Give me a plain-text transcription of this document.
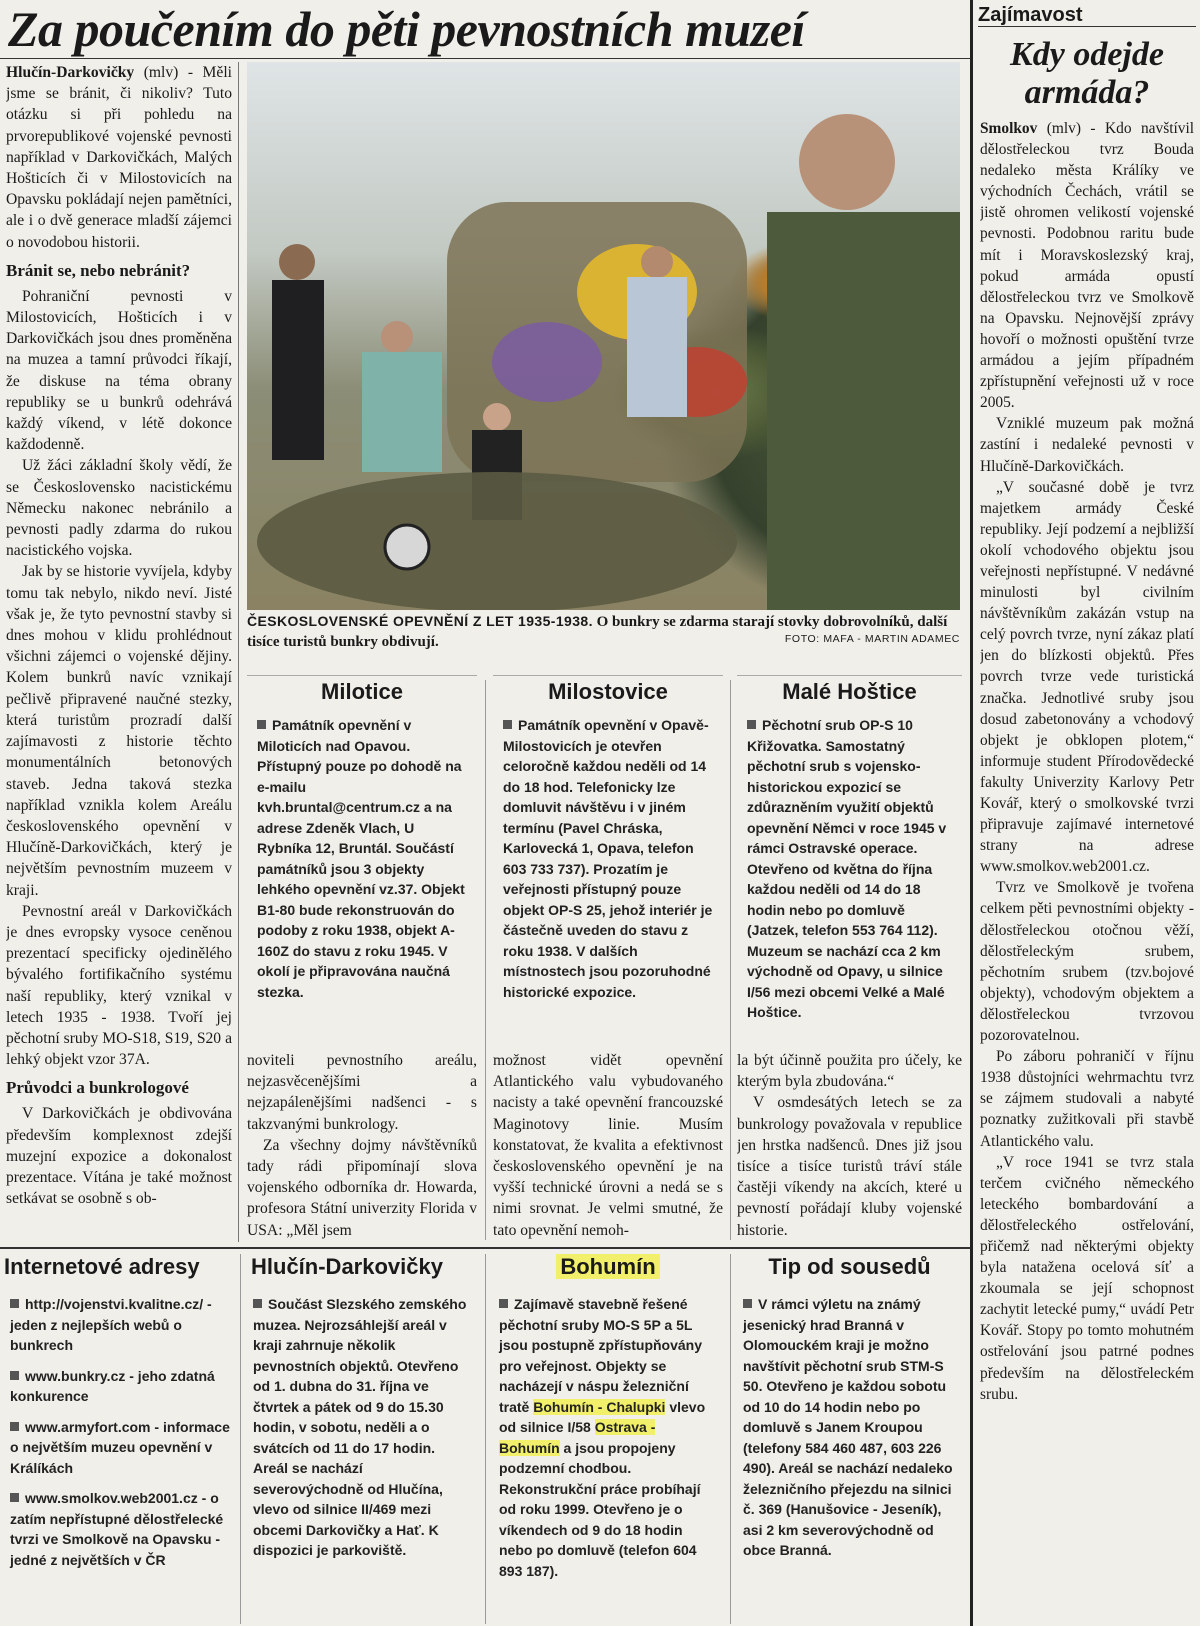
Za poučením do pěti pevnostních muzeí

Hlučín-Darkovičky (mlv) - Měli jsme se bránit, či nikoliv? Tuto otázku si při pohledu na prvorepublikové vojenské pevnosti například v Darkovičkách, Malých Hošticích či v Milostovicích na Opavsku pokládají nejen pamětníci, ale i o dvě generace mladší zájemci o novodobou historii.

Bránit se, nebo nebránit?

Pohraniční pevnosti v Milostovicích, Hošticích i v Darkovičkách jsou dnes proměněna na muzea a tamní průvodci říkají, že diskuse na téma obrany republiky se u bunkrů odehrává každý víkend, v létě dokonce každodenně.

Už žáci základní školy vědí, že se Československo nacistickému Německu nakonec nebránilo a pevnosti padly zdarma do rukou nacistického vojska.

Jak by se historie vyvíjela, kdyby tomu tak nebylo, nikdo neví. Jisté však je, že tyto pevnostní stavby si dnes mohou v klidu prohlédnout všichni zájemci o vojenské dějiny. Kolem bunkrů navíc vznikají pečlivě připravené naučné stezky, která turistům prozradí další zajímavosti z historie těchto monumentálních betonových staveb. Jedna taková stezka například vznikla kolem Areálu československého opevnění v Hlučíně-Darkovičkách, který je největším pevnostním muzeem v kraji.

Pevnostní areál v Darkovičkách je dnes evropsky vysoce ceněnou prezentací specificky ojedinělého bývalého fortifikačního systému naší republiky, který vznikal v letech 1935 - 1938. Tvoří jej pěchotní sruby MO-S18, S19, S20 a lehký objekt vzor 37A.

Průvodci a bunkrologové

V Darkovičkách je obdivována především komplexnost zdejší muzejní expozice a dokonalost prezentace. Vítána je také možnost setkávat se osobně s ob-

ČESKOSLOVENSKÉ OPEVNĚNÍ Z LET 1935-1938. O bunkry se zdarma starají stovky dobrovolníků, další tisíce turistů bunkry obdivují.	FOTO: MAFA - MARTIN ADAMEC
Milotice
Památník opevnění v Miloticích nad Opavou. Přístupný pouze po dohodě na e-mailu kvh.bruntal@centrum.cz a na adrese Zdeněk Vlach, U Rybníka 12, Bruntál. Součástí památníků jsou 3 objekty lehkého opevnění vz.37. Objekt B1-80 bude rekonstruován do podoby z roku 1938, objekt A-160Z do stavu z roku 1945. V okolí je připravována naučná stezka.
Milostovice
Památník opevnění v Opavě-Milostovicích je otevřen celoročně každou neděli od 14 do 18 hod. Telefonicky lze domluvit návštěvu i v jiném termínu (Pavel Chráska, Karlovecká 1, Opava, telefon 603 733 737). Prozatím je veřejnosti přístupný pouze objekt OP-S 25, jehož interiér je částečně uveden do stavu z roku 1938. V dalších místnostech jsou pozoruhodné historické expozice.
Malé Hoštice
Pěchotní srub OP-S 10 Křižovatka. Samostatný pěchotní srub s vojensko-historickou expozicí se zdůrazněním využití objektů opevnění Němci v roce 1945 v rámci Ostravské operace. Otevřeno od května do října každou neděli od 14 do 18 hodin nebo po domluvě (Jatzek, telefon 553 764 112). Muzeum se nachází cca 2 km východně od Opavy, u silnice I/56 mezi obcemi Velké a Malé Hoštice.

noviteli pevnostního areálu, nejzasvěcenějšími a nejzapálenějšími nadšenci - s takzvanými bunkrology.

Za všechny dojmy návštěvníků tady rádi připomínají slova vojenského odborníka dr. Howarda, profesora Státní univerzity Florida v USA: „Měl jsem

možnost vidět opevnění Atlantického valu vybudovaného nacisty a také opevnění francouzské Maginotovy linie. Musím konstatovat, že kvalita a efektivnost československého opevnění je na vyšší technické úrovni a nedá se s nimi srovnat. Je velmi smutné, že tato opevnění nemoh-

la být účinně použita pro účely, ke kterým byla zbudována.“

V osmdesátých letech se za bunkrology považovala v republice jen hrstka nadšenců. Dnes již jsou tisíce a tisíce turistů tráví stále častěji víkendy na akcích, které u pevností pořádají kluby vojenské historie.

Internetové adresy
http://vojenstvi.kvalitne.cz/ - jeden z nejlepších webů o bunkrech
www.bunkry.cz - jeho zdatná konkurence
www.armyfort.com - informace o největším muzeu opevnění v Králíkách
www.smolkov.web2001.cz - o zatím nepřístupné dělostřelecké tvrzi ve Smolkově na Opavsku - jedné z největších v ČR
Hlučín-Darkovičky
Součást Slezského zemského muzea. Nejrozsáhlejší areál v kraji zahrnuje několik pevnostních objektů. Otevřeno od 1. dubna do 31. října ve čtvrtek a pátek od 9 do 15.30 hodin, v sobotu, neděli a o svátcích od 11 do 17 hodin. Areál se nachází severovýchodně od Hlučína, vlevo od silnice II/469 mezi obcemi Darkovičky a Hať. K dispozici je parkoviště.
Bohumín
Zajímavě stavebně řešené pěchotní sruby MO-S 5P a 5L jsou postupně zpřístupňovány pro veřejnost. Objekty se nacházejí v náspu železniční tratě Bohumín - Chalupki vlevo od silnice I/58 Ostrava - Bohumín a jsou propojeny podzemní chodbou. Rekonstrukční práce probíhají od roku 1999. Otevřeno je o víkendech od 9 do 18 hodin nebo po domluvě (telefon 604 893 187).
Tip od sousedů
V rámci výletu na známý jesenický hrad Branná v Olomouckém kraji je možno navštívit pěchotní srub STM-S 50. Otevřeno je každou sobotu od 10 do 14 hodin nebo po domluvě s Janem Kroupou (telefony 584 460 487, 603 226 490). Areál se nachází nedaleko železničního přejezdu na silnici č. 369 (Hanušovice - Jeseník), asi 2 km severovýchodně od obce Branná.
Zajímavost
Kdy odejde armáda?

Smolkov (mlv) - Kdo navštívil dělostřeleckou tvrz Bouda nedaleko města Králíky ve východních Čechách, vrátil se jistě ohromen velikostí vojenské pevnosti. Podobnou raritu bude mít i Moravskoslezský kraj, pokud armáda opustí dělostřeleckou tvrz ve Smolkově na Opavsku. Nejnovější zprávy hovoří o možnosti opuštění tvrze armádou a jejím případném zpřístupnění veřejnosti už v roce 2005.

Vzniklé muzeum pak možná zastíní i nedaleké pevnosti v Hlučíně-Darkovičkách.

„V současné době je tvrz majetkem armády České republiky. Její podzemí a nejbližší okolí vchodového objektu jsou veřejnosti nepřístupné. V nedávné minulosti byl civilním návštěvníkům zakázán vstup na celý povrch tvrze, nyní zákaz platí jen do blízkosti objektů. Přes povrch tvrze vede turistická značka. Jednotlivé sruby jsou dosud zabetonovány a vchodový objekt je obklopen plotem,“ informuje student Přírodovědecké fakulty Univerzity Karlovy Petr Kovář, který o smolkovské tvrzi připravuje zajímavé internetové strany na adrese www.smolkov.web2001.cz.

Tvrz ve Smolkově je tvořena celkem pěti pevnostními objekty - dělostřeleckou otočnou věží, dělostřeleckým srubem, pěchotním srubem (tzv.bojové objekty), vchodovým objektem a dělostřeleckou tvrzovou pozorovatelnou.

Po záboru pohraničí v říjnu 1938 důstojníci wehrmachtu tvrz se zájmem studovali a nabyté poznatky zužitkovali při stavbě Atlantického valu.

„V roce 1941 se tvrz stala terčem cvičného německého leteckého bombardování a dělostřeleckého ostřelování, přičemž nad některými objekty byla natažena ocelová síť a zkoumala se její schopnost zachytit letecké pumy,“ uvádí Petr Kovář. Stopy po tomto mohutném ostřelování jsou patrné podnes především na dělostřeleckém srubu.
